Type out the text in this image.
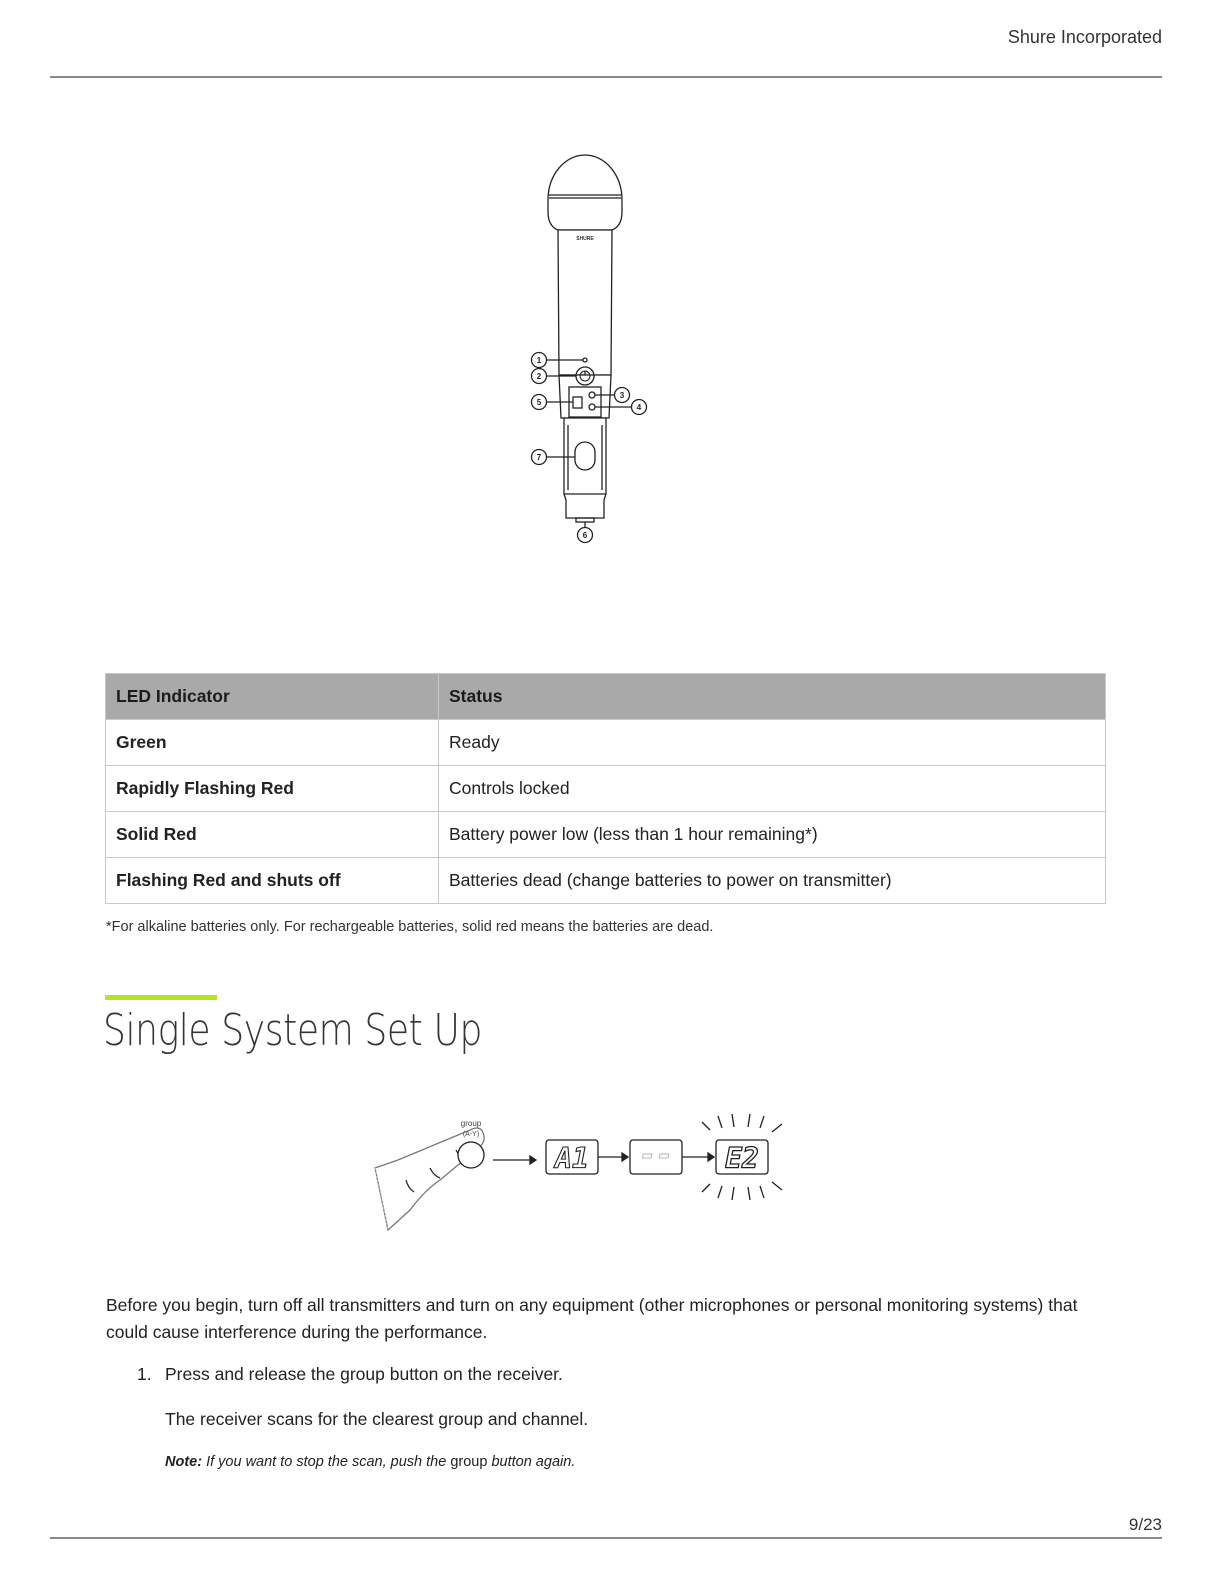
Shure Incorporated
SHURE
1
2
3
4
5
6
7
LED Indicator	Status
Green	Ready
Rapidly Flashing Red	Controls locked
Solid Red	Battery power low (less than 1 hour remaining*)
Flashing Red and shuts off	Batteries dead (change batteries to power on transmitter)
*For alkaline batteries only. For rechargeable batteries, solid red means the batteries are dead.
Single System Set Up
group
(A-Y)
A1 -- E2
Before you begin, turn off all transmitters and turn on any equipment (other microphones or personal monitoring systems) that could cause interference during the performance.
1. Press and release the group button on the receiver.
The receiver scans for the clearest group and channel.
Note: If you want to stop the scan, push the group button again.
9/23
